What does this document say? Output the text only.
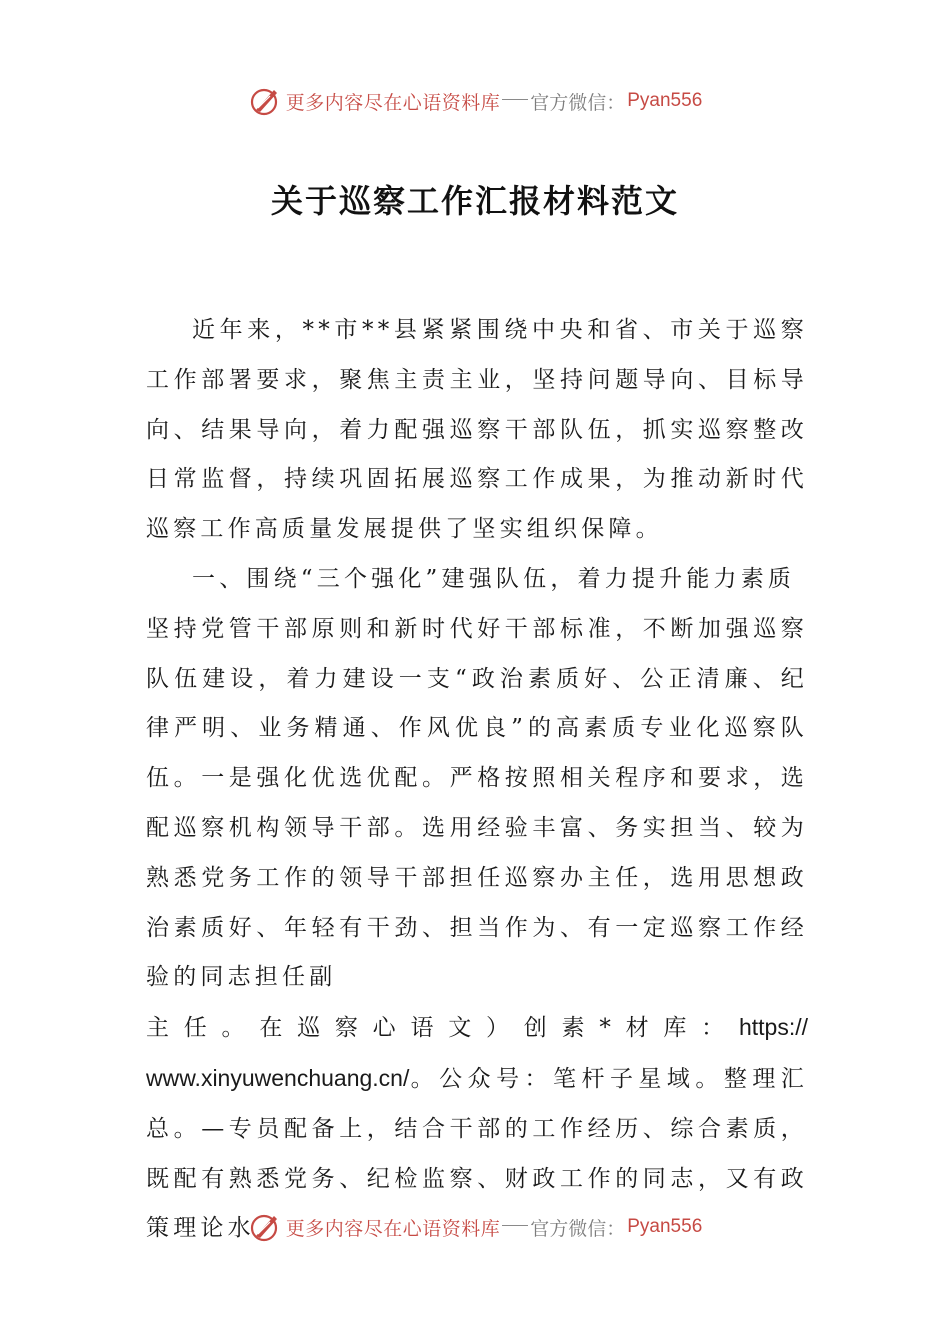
更多内容尽在心语资料库 官方微信： Pyan556
关于巡察工作汇报材料范文

近年来，**市**县紧紧围绕中央和省、市关于巡察工作部署要求，聚焦主责主业，坚持问题导向、目标导向、结果导向，着力配强巡察干部队伍，抓实巡察整改日常监督，持续巩固拓展巡察工作成果，为推动新时代巡察工作高质量发展提供了坚实组织保障。

一、围绕“三个强化”建强队伍，着力提升能力素质

坚持党管干部原则和新时代好干部标准，不断加强巡察队伍建设，着力建设一支“政治素质好、公正清廉、纪律严明、业务精通、作风优良”的高素质专业化巡察队伍。一是强化优选优配。严格按照相关程序和要求，选配巡察机构领导干部。选用经验丰富、务实担当、较为熟悉党务工作的领导干部担任巡察办主任，选用思想政治素质好、年轻有干劲、担当作为、有一定巡察工作经验的同志担任副

主任。在巡察心语文）创素*材库：https://

www.xinyuwenchuang.cn/。公众号：笔杆子星域。整理汇总。—专员配备上，结合干部的工作经历、综合素质，既配有熟悉党务、纪检监察、财政工作的同志，又有政策理论水	更多内容尽在心语资料库 官方微信： Pyan556
